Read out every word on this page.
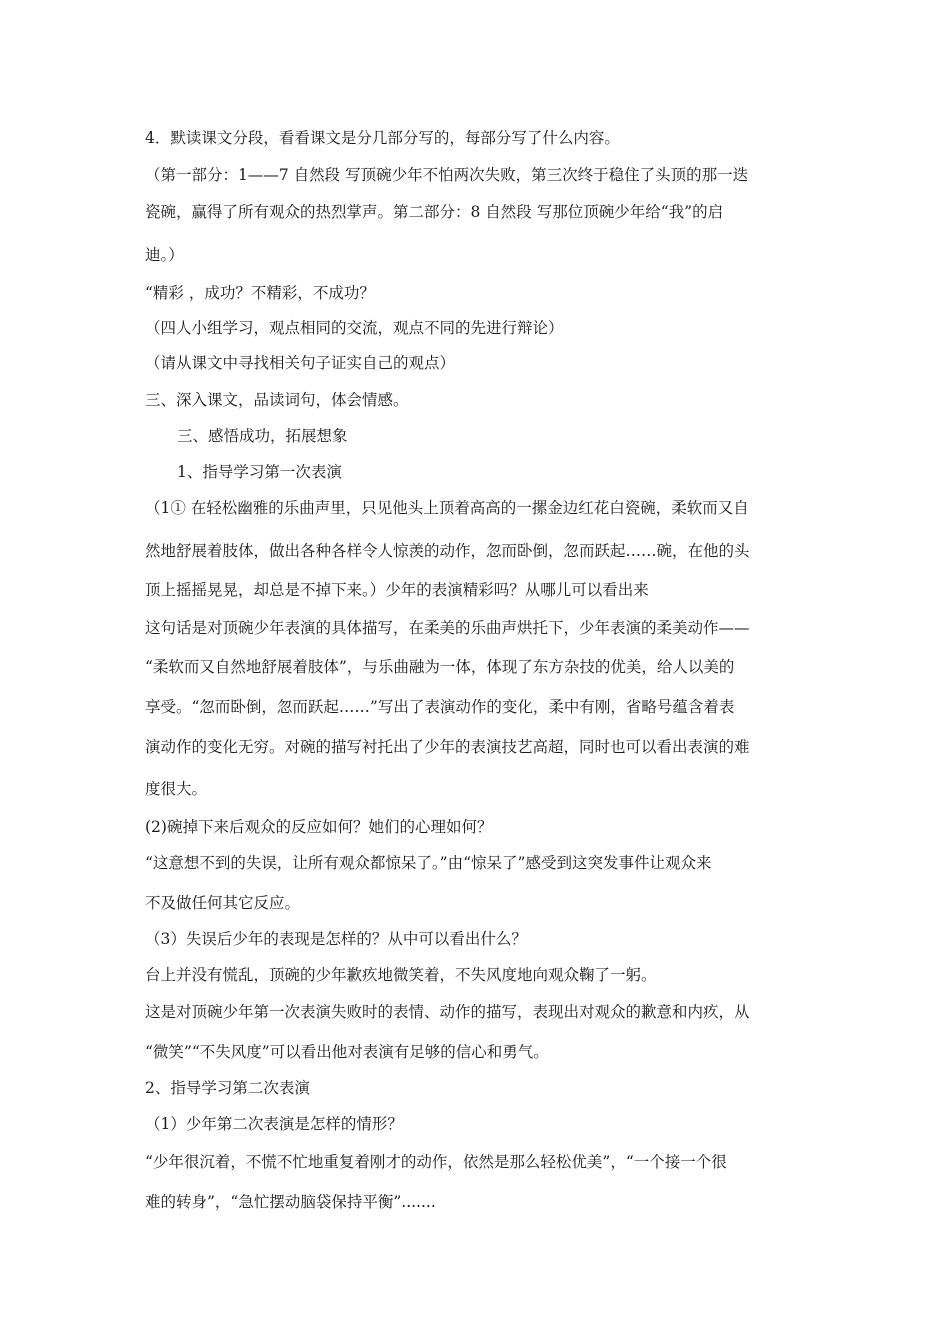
4．默读课文分段，看看课文是分几部分写的，每部分写了什么内容。
（第一部分：1——7 自然段 写顶碗少年不怕两次失败，第三次终于稳住了头顶的那一迭
瓷碗，赢得了所有观众的热烈掌声。第二部分：8 自然段 写那位顶碗少年给“我”的启
迪。）
“精彩 ，成功？不精彩，不成功？
（四人小组学习，观点相同的交流，观点不同的先进行辩论）
（请从课文中寻找相关句子证实自己的观点）
三、深入课文，品读词句，体会情感。
三、感悟成功，拓展想象
1、指导学习第一次表演
（1① 在轻松幽雅的乐曲声里，只见他头上顶着高高的一摞金边红花白瓷碗，柔软而又自
然地舒展着肢体，做出各种各样令人惊羡的动作，忽而卧倒，忽而跃起……碗，在他的头
顶上摇摇晃晃，却总是不掉下来。）少年的表演精彩吗？从哪儿可以看出来
这句话是对顶碗少年表演的具体描写，在柔美的乐曲声烘托下，少年表演的柔美动作——
“柔软而又自然地舒展着肢体”，与乐曲融为一体，体现了东方杂技的优美，给人以美的
享受。“忽而卧倒，忽而跃起……”写出了表演动作的变化，柔中有刚，省略号蕴含着表
演动作的变化无穷。对碗的描写衬托出了少年的表演技艺高超，同时也可以看出表演的难
度很大。
(2)碗掉下来后观众的反应如何？她们的心理如何？
“这意想不到的失误，让所有观众都惊呆了。”由“惊呆了”感受到这突发事件让观众来
不及做任何其它反应。
（3）失误后少年的表现是怎样的？从中可以看出什么？
台上并没有慌乱，顶碗的少年歉疚地微笑着，不失风度地向观众鞠了一躬。
这是对顶碗少年第一次表演失败时的表情、动作的描写，表现出对观众的歉意和内疚，从
“微笑”“不失风度”可以看出他对表演有足够的信心和勇气。
2、指导学习第二次表演
（1）少年第二次表演是怎样的情形？
“少年很沉着，不慌不忙地重复着刚才的动作，依然是那么轻松优美”，“一个接一个很
难的转身”，“急忙摆动脑袋保持平衡”.......
